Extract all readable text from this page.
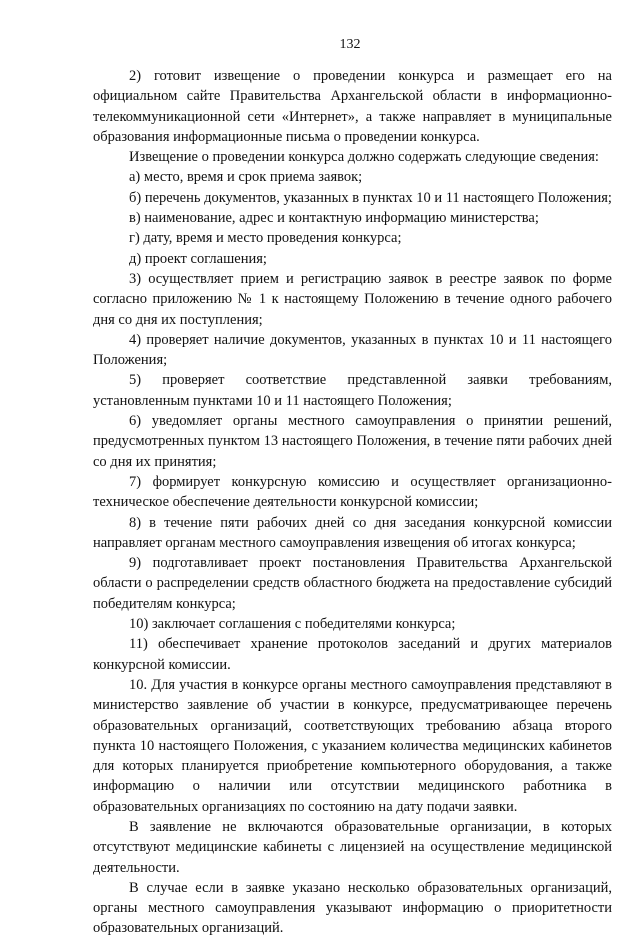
132

2) готовит извещение о проведении конкурса и размещает его на официальном сайте Правительства Архангельской области в информационно-телекоммуникационной сети «Интернет», а также направляет в муниципальные образования информационные письма о проведении конкурса.

Извещение о проведении конкурса должно содержать следующие сведения:

а) место, время и срок приема заявок;

б) перечень документов, указанных в пунктах 10 и 11 настоящего Положения;

в) наименование, адрес и контактную информацию министерства;

г) дату, время и место проведения конкурса;

д) проект соглашения;

3) осуществляет прием и регистрацию заявок в реестре заявок по форме согласно приложению № 1 к настоящему Положению в течение одного рабочего дня со дня их поступления;

4) проверяет наличие документов, указанных в пунктах 10 и 11 настоящего Положения;

5) проверяет соответствие представленной заявки требованиям, установленным пунктами 10 и 11 настоящего Положения;

6) уведомляет органы местного самоуправления о принятии решений, предусмотренных пунктом 13 настоящего Положения, в течение пяти рабочих дней со дня их принятия;

7) формирует конкурсную комиссию и осуществляет организационно-техническое обеспечение деятельности конкурсной комиссии;

8) в течение пяти рабочих дней со дня заседания конкурсной комиссии направляет органам местного самоуправления извещения об итогах конкурса;

9) подготавливает проект постановления Правительства Архангельской области о распределении средств областного бюджета на предоставление субсидий победителям конкурса;

10) заключает соглашения с победителями конкурса;

11) обеспечивает хранение протоколов заседаний и других материалов конкурсной комиссии.

10. Для участия в конкурсе органы местного самоуправления представляют в министерство заявление об участии в конкурсе, предусматривающее перечень образовательных организаций, соответствующих требованию абзаца второго пункта 10 настоящего Положения, с указанием количества медицинских кабинетов для которых планируется приобретение компьютерного оборудования, а также информацию о наличии или отсутствии медицинского работника в образовательных организациях по состоянию на дату подачи заявки.

В заявление не включаются образовательные организации, в которых отсутствуют медицинские кабинеты с лицензией на осуществление медицинской деятельности.

В случае если в заявке указано несколько образовательных организаций, органы местного самоуправления указывают информацию о приоритетности образовательных организаций.
